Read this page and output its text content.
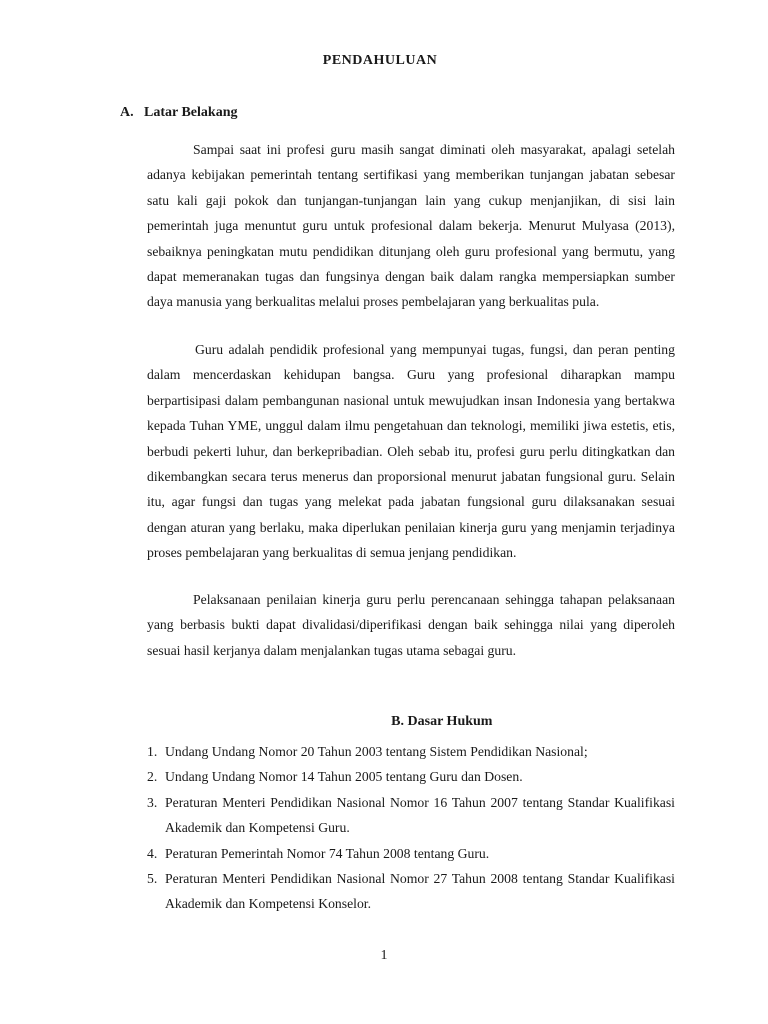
PENDAHULUAN
A. Latar Belakang

Sampai saat ini profesi guru masih sangat diminati oleh masyarakat, apalagi setelah adanya kebijakan pemerintah tentang sertifikasi yang memberikan tunjangan jabatan sebesar satu kali gaji pokok dan tunjangan-tunjangan lain yang cukup menjanjikan, di sisi lain pemerintah juga menuntut guru untuk profesional dalam bekerja. Menurut Mulyasa (2013), sebaiknya peningkatan mutu pendidikan ditunjang oleh guru profesional yang bermutu, yang dapat memeranakan tugas dan fungsinya dengan baik dalam rangka mempersiapkan sumber daya manusia yang berkualitas melalui proses pembelajaran yang berkualitas pula.

Guru adalah pendidik profesional yang mempunyai tugas, fungsi, dan peran penting dalam mencerdaskan kehidupan bangsa. Guru yang profesional diharapkan mampu berpartisipasi dalam pembangunan nasional untuk mewujudkan insan Indonesia yang bertakwa kepada Tuhan YME, unggul dalam ilmu pengetahuan dan teknologi, memiliki jiwa estetis, etis, berbudi pekerti luhur, dan berkepribadian. Oleh sebab itu, profesi guru perlu ditingkatkan dan dikembangkan secara terus menerus dan proporsional menurut jabatan fungsional guru. Selain itu, agar fungsi dan tugas yang melekat pada jabatan fungsional guru dilaksanakan sesuai dengan aturan yang berlaku, maka diperlukan penilaian kinerja guru yang menjamin terjadinya proses pembelajaran yang berkualitas di semua jenjang pendidikan.

Pelaksanaan penilaian kinerja guru perlu perencanaan sehingga tahapan pelaksanaan yang berbasis bukti dapat divalidasi/diperifikasi dengan baik sehingga nilai yang diperoleh sesuai hasil kerjanya dalam menjalankan tugas utama sebagai guru.

B. Dasar Hukum
1. Undang Undang Nomor 20 Tahun 2003 tentang Sistem Pendidikan Nasional;
2. Undang Undang Nomor 14 Tahun 2005 tentang Guru dan Dosen.
3. Peraturan Menteri Pendidikan Nasional Nomor 16 Tahun 2007 tentang Standar Kualifikasi Akademik dan Kompetensi Guru.
4. Peraturan Pemerintah Nomor 74 Tahun 2008 tentang Guru.
5. Peraturan Menteri Pendidikan Nasional Nomor 27 Tahun 2008 tentang Standar Kualifikasi Akademik dan Kompetensi Konselor.
1
